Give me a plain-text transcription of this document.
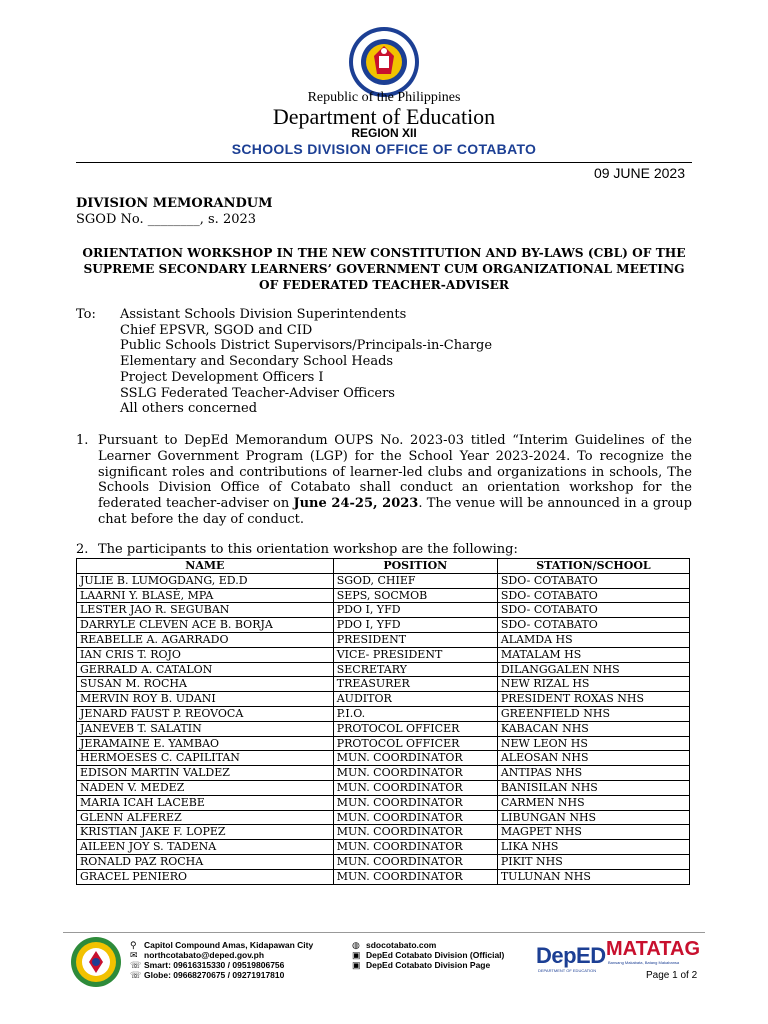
Republic of the Philippines
Department of Education
REGION XII
SCHOOLS DIVISION OFFICE OF COTABATO
09 JUNE 2023
DIVISION MEMORANDUM
SGOD No. ________, s. 2023
ORIENTATION WORKSHOP IN THE NEW CONSTITUTION AND BY-LAWS (CBL) OF THE SUPREME SECONDARY LEARNERS’ GOVERNMENT CUM ORGANIZATIONAL MEETING OF FEDERATED TEACHER-ADVISER
To: Assistant Schools Division Superintendents
Chief EPSVR, SGOD and CID
Public Schools District Supervisors/Principals-in-Charge
Elementary and Secondary School Heads
Project Development Officers I
SSLG Federated Teacher-Adviser Officers
All others concerned
1. Pursuant to DepEd Memorandum OUPS No. 2023-03 titled “Interim Guidelines of the Learner Government Program (LGP) for the School Year 2023-2024. To recognize the significant roles and contributions of learner-led clubs and organizations in schools, The Schools Division Office of Cotabato shall conduct an orientation workshop for the federated teacher-adviser on June 24-25, 2023. The venue will be announced in a group chat before the day of conduct.
2. The participants to this orientation workshop are the following:
NAME	POSITION	STATION/SCHOOL
JULIE B. LUMOGDANG, ED.D	SGOD, CHIEF	SDO- COTABATO
LAARNI Y. BLASÉ, MPA	SEPS, SOCMOB	SDO- COTABATO
LESTER JAO R. SEGUBAN	PDO I, YFD	SDO- COTABATO
DARRYLE CLEVEN ACE B. BORJA	PDO I, YFD	SDO- COTABATO
REABELLE A. AGARRADO	PRESIDENT	ALAMDA HS
IAN CRIS T. ROJO	VICE- PRESIDENT	MATALAM HS
GERRALD A. CATALON	SECRETARY	DILANGGALEN NHS
SUSAN M. ROCHA	TREASURER	NEW RIZAL HS
MERVIN ROY B. UDANI	AUDITOR	PRESIDENT ROXAS NHS
JENARD FAUST P. REOVOCA	P.I.O.	GREENFIELD NHS
JANEVEB T. SALATIN	PROTOCOL OFFICER	KABACAN NHS
JERAMAINE E. YAMBAO	PROTOCOL OFFICER	NEW LEON HS
HERMOESES C. CAPILITAN	MUN. COORDINATOR	ALEOSAN NHS
EDISON MARTIN VALDEZ	MUN. COORDINATOR	ANTIPAS NHS
NADEN V. MEDEZ	MUN. COORDINATOR	BANISILAN NHS
MARIA ICAH LACEBE	MUN. COORDINATOR	CARMEN NHS
GLENN ALFEREZ	MUN. COORDINATOR	LIBUNGAN NHS
KRISTIAN JAKE F. LOPEZ	MUN. COORDINATOR	MAGPET NHS
AILEEN JOY S. TADENA	MUN. COORDINATOR	LIKA NHS
RONALD PAZ ROCHA	MUN. COORDINATOR	PIKIT NHS
GRACEL PENIERO	MUN. COORDINATOR	TULUNAN NHS
⚲ Capitol Compound Amas, Kidapawan City
✉ northcotabato@deped.gov.ph
☏ Smart: 09616315330 / 09519806756
☏ Globe: 09668270675 / 09271917810
◍ sdocotabato.com
▣ DepEd Cotabato Division (Official)
▣ DepEd Cotabato Division Page	DepED
DEPARTMENT OF EDUCATION
MATATAG
Bansang Makabata, Batang Makabansa
Page 1 of 2
